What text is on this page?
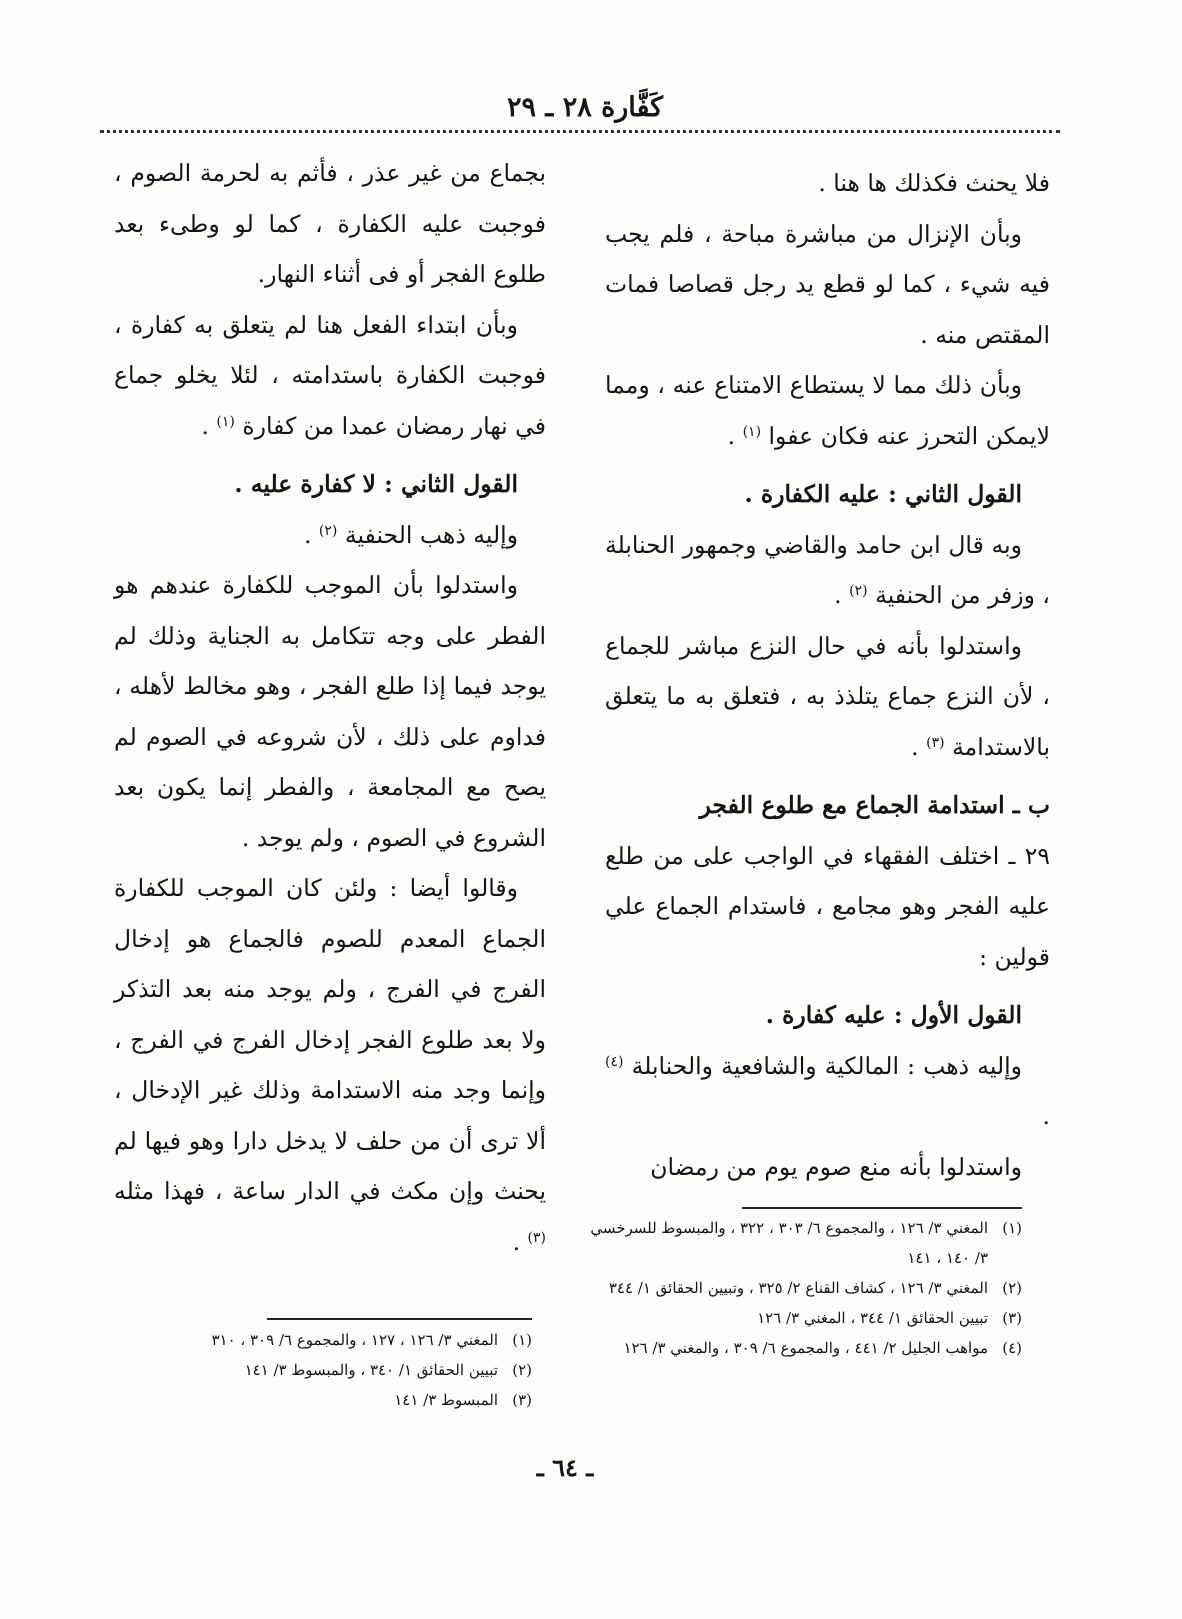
كَفَّارة ٢٨ ـ ٢٩

فلا يحنث فكذلك ها هنا .

وبأن الإنزال من مباشرة مباحة ، فلم يجب فيه شيء ، كما لو قطع يد رجل قصاصا فمات المقتص منه .

وبأن ذلك مما لا يستطاع الامتناع عنه ، ومما لايمكن التحرز عنه فكان عفوا $^{(١)}$ .

القول الثاني : عليه الكفارة .

وبه قال ابن حامد والقاضي وجمهور الحنابلة ، وزفر من الحنفية $^{(٢)}$ .

واستدلوا بأنه في حال النزع مباشر للجماع ، لأن النزع جماع يتلذذ به ، فتعلق به ما يتعلق بالاستدامة $^{(٣)}$ .

ب ـ استدامة الجماع مع طلوع الفجر

٢٩ ـ اختلف الفقهاء في الواجب على من طلع عليه الفجر وهو مجامع ، فاستدام الجماع علي قولين :

القول الأول : عليه كفارة .

وإليه ذهب : المالكية والشافعية والحنابلة $^{(٤)}$ .

واستدلوا بأنه منع صوم يوم من رمضان

بجماع من غير عذر ، فأثم به لحرمة الصوم ، فوجبت عليه الكفارة ، كما لو وطىء بعد طلوع الفجر أو فى أثناء النهار.

وبأن ابتداء الفعل هنا لم يتعلق به كفارة ، فوجبت الكفارة باستدامته ، لئلا يخلو جماع في نهار رمضان عمدا من كفارة $^{(١)}$ .

القول الثاني : لا كفارة عليه .

وإليه ذهب الحنفية $^{(٢)}$ .

واستدلوا بأن الموجب للكفارة عندهم هو الفطر على وجه تتكامل به الجناية وذلك لم يوجد فيما إذا طلع الفجر ، وهو مخالط لأهله ، فداوم على ذلك ، لأن شروعه في الصوم لم يصح مع المجامعة ، والفطر إنما يكون بعد الشروع في الصوم ، ولم يوجد .

وقالوا أيضا : ولئن كان الموجب للكفارة الجماع المعدم للصوم فالجماع هو إدخال الفرج في الفرج ، ولم يوجد منه بعد التذكر ولا بعد طلوع الفجر إدخال الفرج في الفرج ، وإنما وجد منه الاستدامة وذلك غير الإدخال ، ألا ترى أن من حلف لا يدخل دارا وهو فيها لم يحنث وإن مكث في الدار ساعة ، فهذا مثله $^{(٣)}$ .	(١)
المغني ٣/ ١٢٦ ، والمجموع ٦/ ٣٠٣ ، ٣٢٢ ، والمبسوط للسرخسي ٣/ ١٤٠ ، ١٤١
(٢)
المغني ٣/ ١٢٦ ، كشاف القناع ٢/ ٣٢٥ ، وتبيين الحقائق ١/ ٣٤٤
(٣)
تبيين الحقائق ١/ ٣٤٤ ، المغني ٣/ ١٢٦
(٤)
مواهب الجليل ٢/ ٤٤١ ، والمجموع ٦/ ٣٠٩ ، والمغني ٣/ ١٢٦
(١)
المغني ٣/ ١٢٦ ، ١٢٧ ، والمجموع ٦/ ٣٠٩ ، ٣١٠
(٢)
تبيين الحقائق ١/ ٣٤٠ ، والمبسوط ٣/ ١٤١
(٣)
المبسوط ٣/ ١٤١
ـ ٦٤ ـ
